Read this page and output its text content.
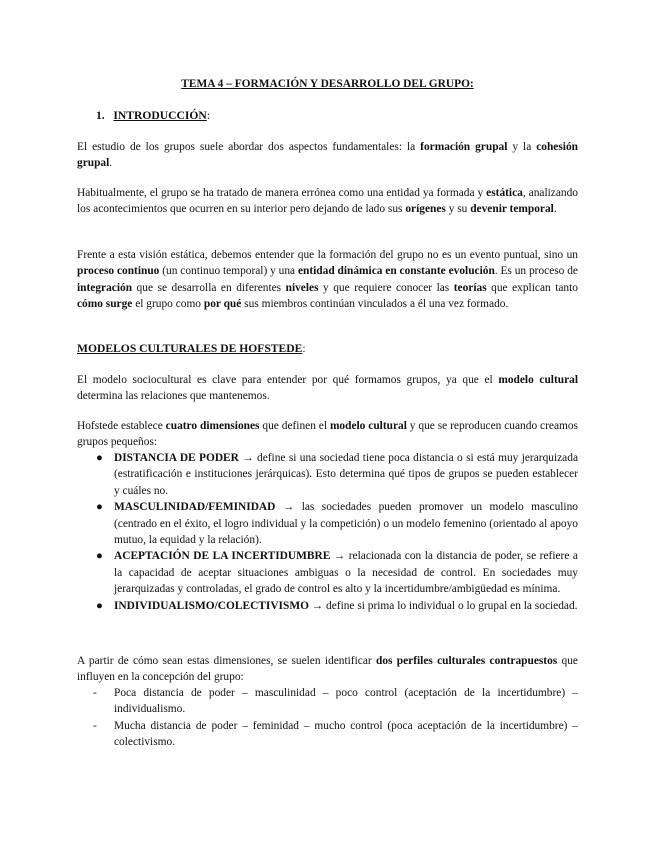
TEMA 4 – FORMACIÓN Y DESARROLLO DEL GRUPO:
1. INTRODUCCIÓN:

El estudio de los grupos suele abordar dos aspectos fundamentales: la formación grupal y la cohesión grupal.

Habitualmente, el grupo se ha tratado de manera errónea como una entidad ya formada y estática, analizando los acontecimientos que ocurren en su interior pero dejando de lado sus orígenes y su devenir temporal.

Frente a esta visión estática, debemos entender que la formación del grupo no es un evento puntual, sino un proceso continuo (un continuo temporal) y una entidad dinámica en constante evolución. Es un proceso de integración que se desarrolla en diferentes niveles y que requiere conocer las teorías que explican tanto cómo surge el grupo como por qué sus miembros continúan vinculados a él una vez formado.

MODELOS CULTURALES DE HOFSTEDE:

El modelo sociocultural es clave para entender por qué formamos grupos, ya que el modelo cultural determina las relaciones que mantenemos.

Hofstede establece cuatro dimensiones que definen el modelo cultural y que se reproducen cuando creamos grupos pequeños:

● DISTANCIA DE PODER → define si una sociedad tiene poca distancia o si está muy jerarquizada (estratificación e instituciones jerárquicas). Esto determina qué tipos de grupos se pueden establecer y cuáles no.
● MASCULINIDAD/FEMINIDAD → las sociedades pueden promover un modelo masculino (centrado en el éxito, el logro individual y la competición) o un modelo femenino (orientado al apoyo mutuo, la equidad y la relación).
● ACEPTACIÓN DE LA INCERTIDUMBRE → relacionada con la distancia de poder, se refiere a la capacidad de aceptar situaciones ambiguas o la necesidad de control. En sociedades muy jerarquizadas y controladas, el grado de control es alto y la incertidumbre/ambigüedad es mínima.
● INDIVIDUALISMO/COLECTIVISMO → define si prima lo individual o lo grupal en la sociedad.

A partir de cómo sean estas dimensiones, se suelen identificar dos perfiles culturales contrapuestos que influyen en la concepción del grupo:

- Poca distancia de poder – masculinidad – poco control (aceptación de la incertidumbre) – individualismo.
- Mucha distancia de poder – feminidad – mucho control (poca aceptación de la incertidumbre) – colectivismo.
